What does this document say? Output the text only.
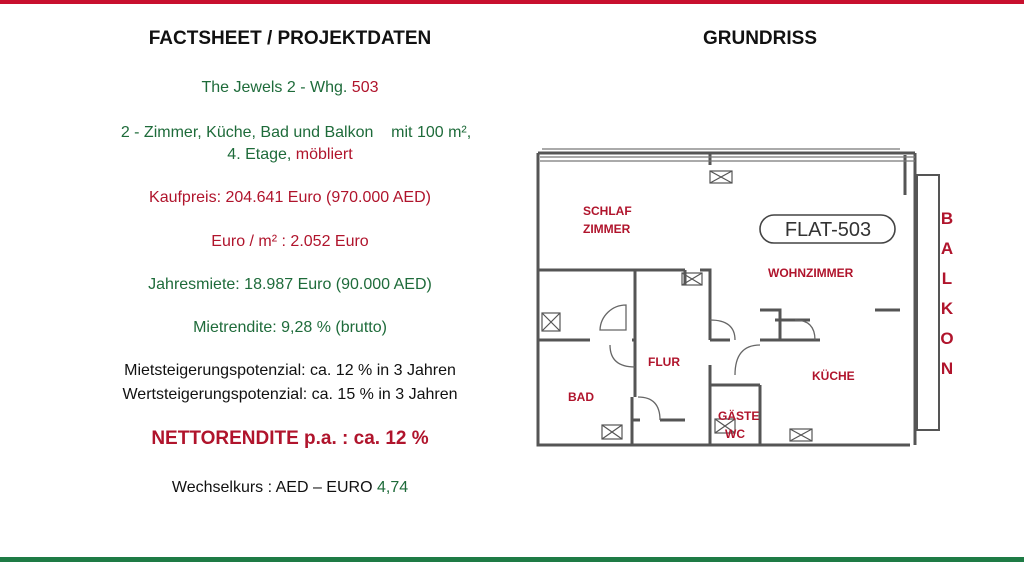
FACTSHEET / PROJEKTDATEN
The Jewels 2 - Whg. 503
2 - Zimmer, Küche, Bad und Balkon    mit 100 m²,
4. Etage, möbliert
Kaufpreis: 204.641 Euro (970.000 AED)
Euro / m² : 2.052 Euro
Jahresmiete: 18.987 Euro (90.000 AED)
Mietrendite: 9,28 % (brutto)
Mietsteigerungspotenzial: ca. 12 % in 3 Jahren
Wertsteigerungspotenzial: ca. 15 % in 3 Jahren
NETTORENDITE p.a. : ca. 12 %
Wechselkurs : AED – EURO 4,74
GRUNDRISS
FLAT-503
SCHLAF
ZIMMER
WOHNZIMMER
FLUR
KÜCHE
BAD
GÄSTE
WC
B
A
L
K
O
N
